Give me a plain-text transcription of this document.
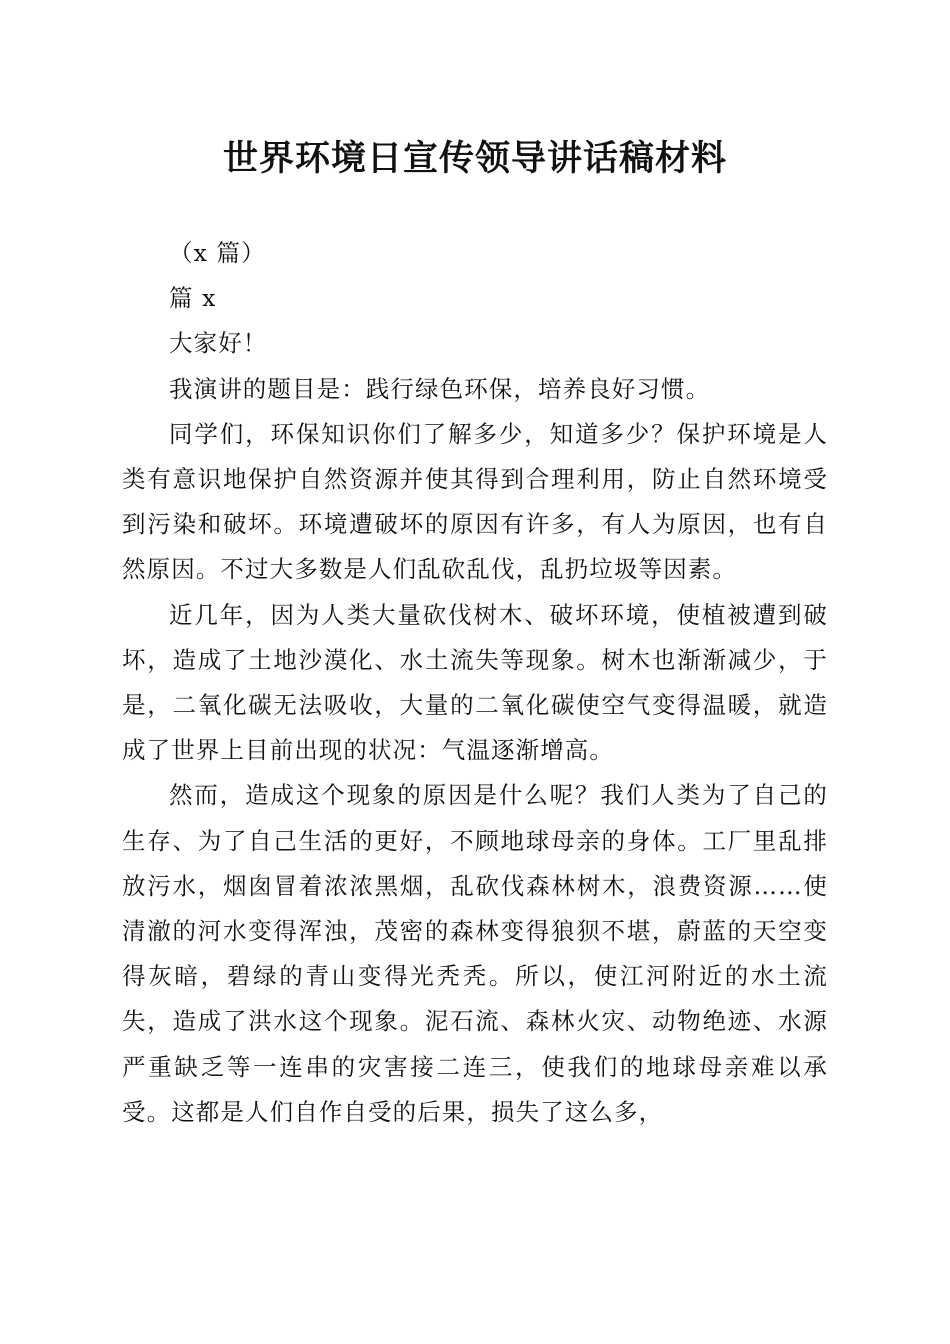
世界环境日宣传领导讲话稿材料

（x 篇）

篇 x

大家好！

我演讲的题目是：践行绿色环保，培养良好习惯。

同学们，环保知识你们了解多少，知道多少？保护环境是人类有意识地保护自然资源并使其得到合理利用，防止自然环境受到污染和破坏。环境遭破坏的原因有许多，有人为原因，也有自然原因。不过大多数是人们乱砍乱伐，乱扔垃圾等因素。

近几年，因为人类大量砍伐树木、破坏环境，使植被遭到破坏，造成了土地沙漠化、水土流失等现象。树木也渐渐减少，于是，二氧化碳无法吸收，大量的二氧化碳使空气变得温暖，就造成了世界上目前出现的状况：气温逐渐增高。

然而，造成这个现象的原因是什么呢？我们人类为了自己的生存、为了自己生活的更好，不顾地球母亲的身体。工厂里乱排放污水，烟囱冒着浓浓黑烟，乱砍伐森林树木，浪费资源……使清澈的河水变得浑浊，茂密的森林变得狼狈不堪，蔚蓝的天空变得灰暗，碧绿的青山变得光秃秃。所以，使江河附近的水土流失，造成了洪水这个现象。泥石流、森林火灾、动物绝迹、水源严重缺乏等一连串的灾害接二连三，使我们的地球母亲难以承受。这都是人们自作自受的后果，损失了这么多，
